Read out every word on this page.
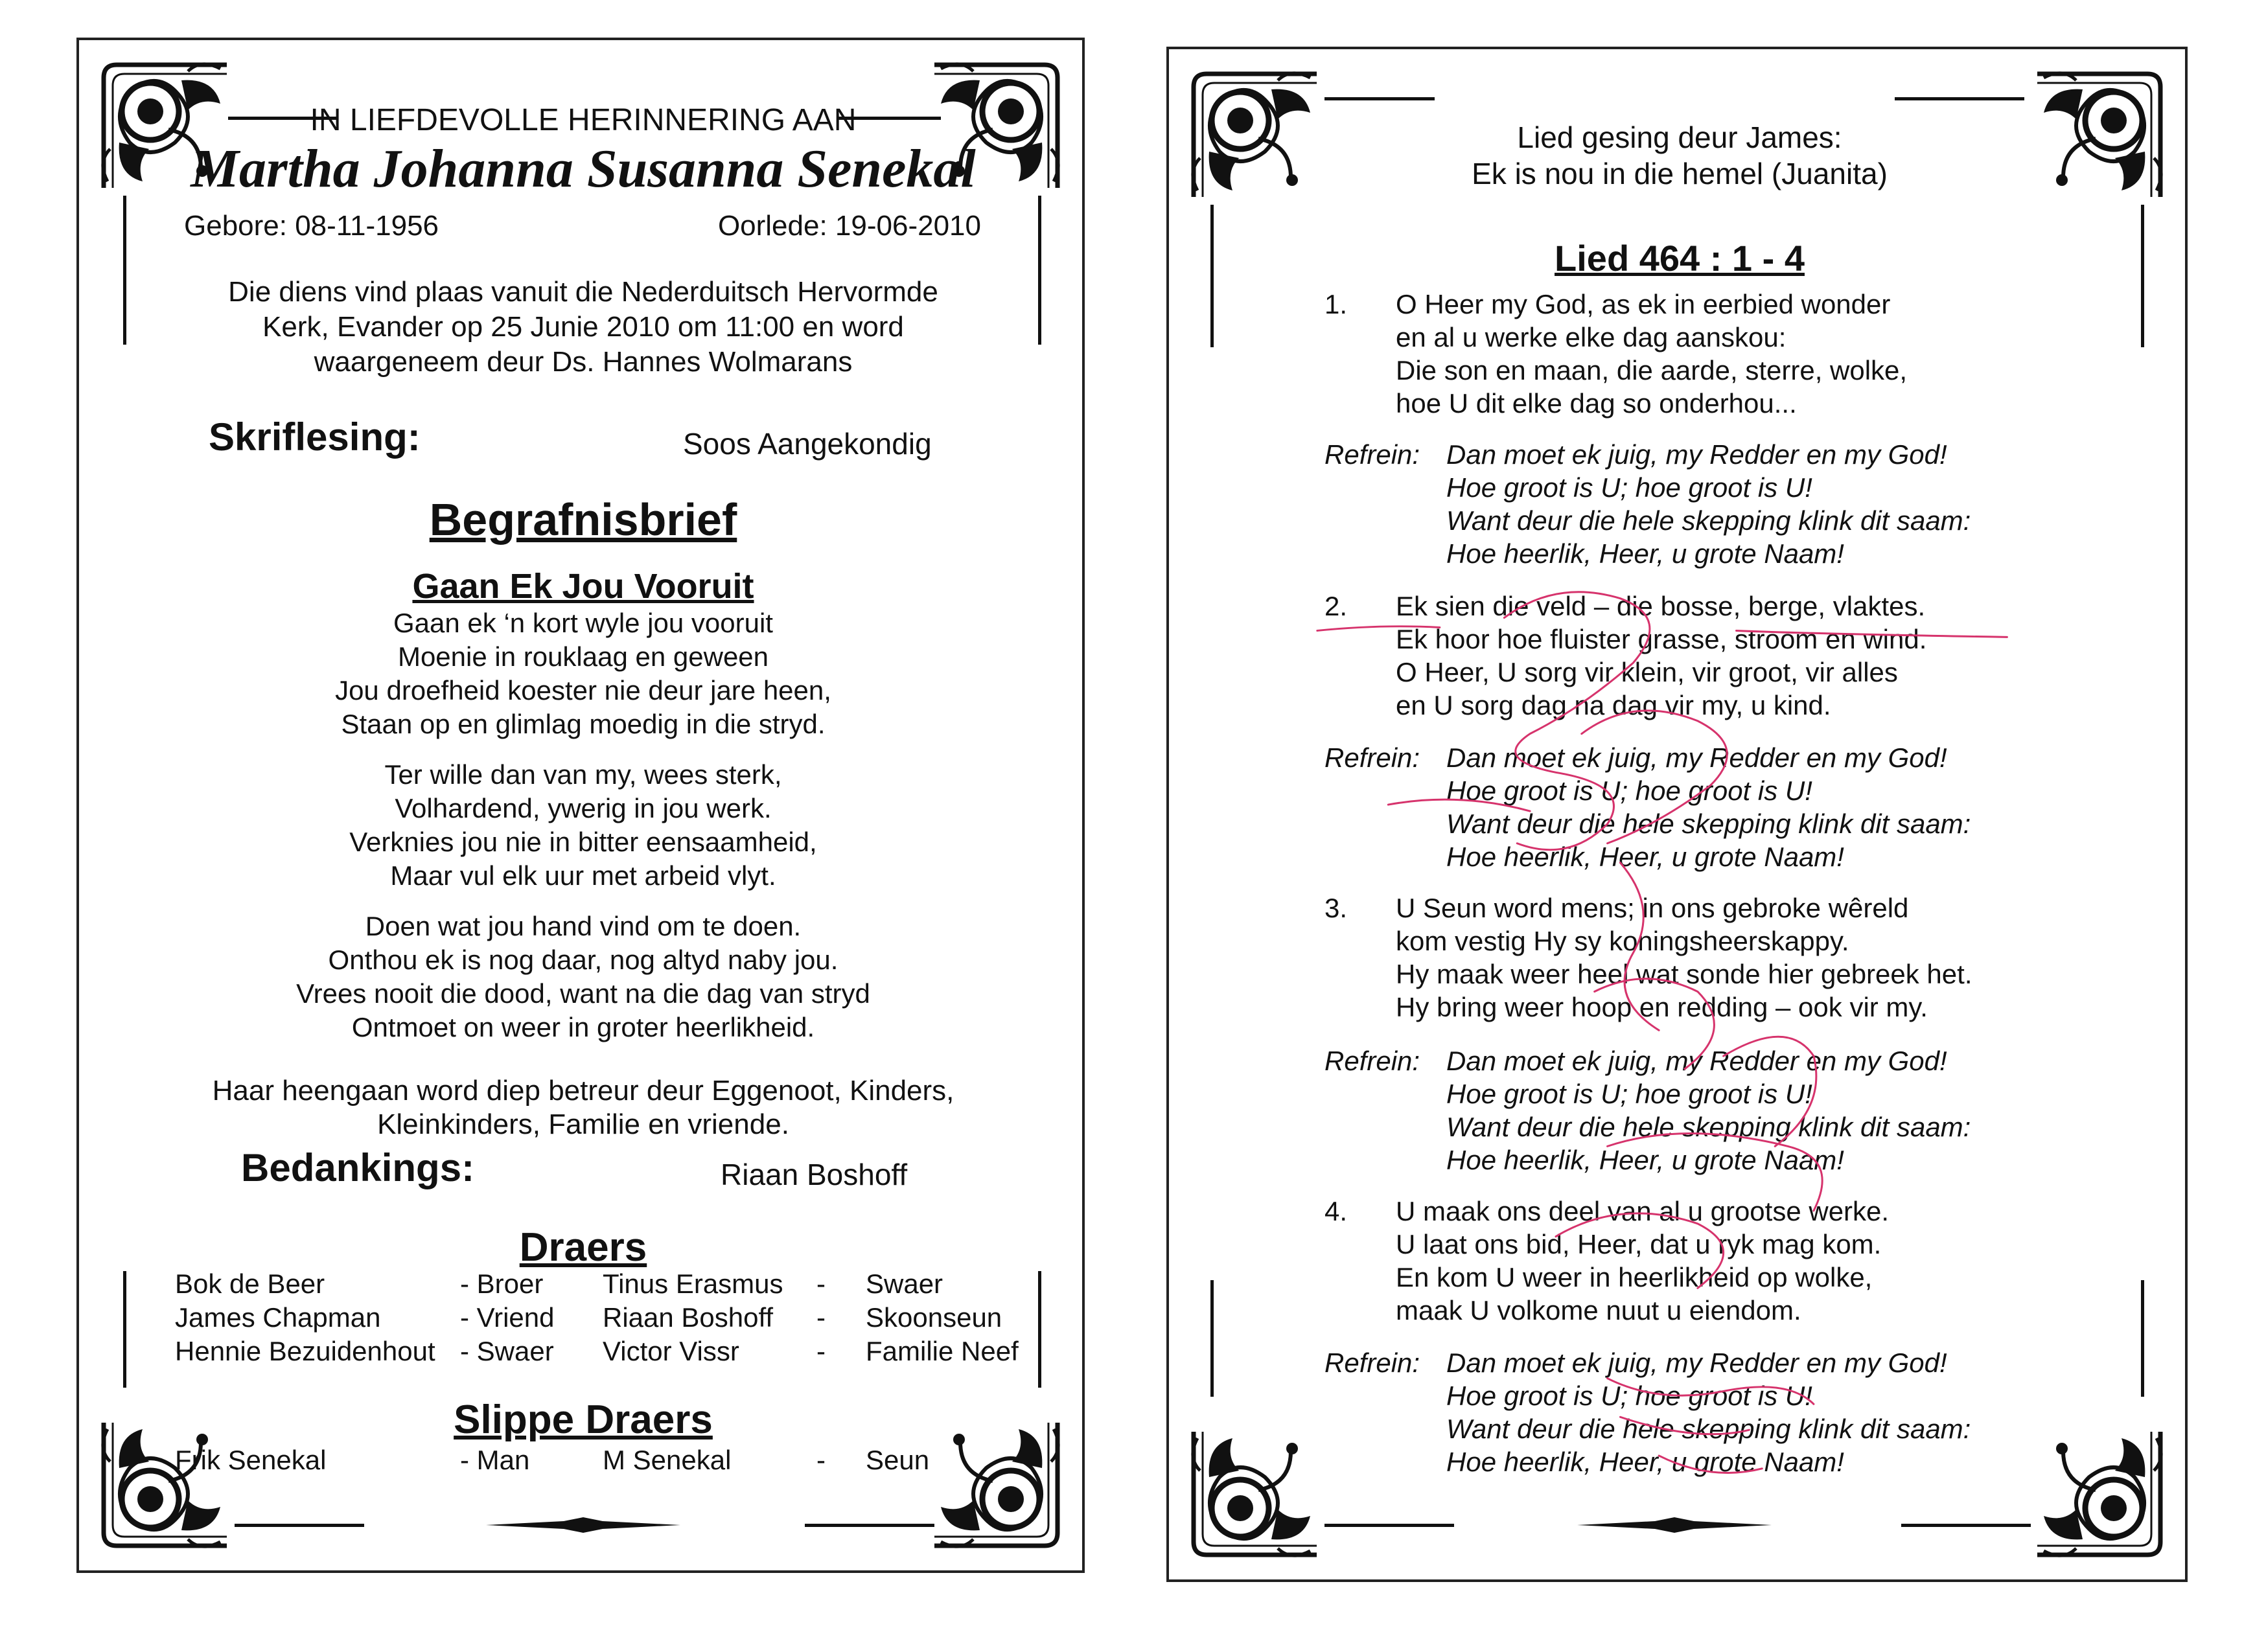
IN LIEFDEVOLLE HERINNERING AAN
Martha Johanna Susanna Senekal
Gebore: 08-11-1956	Oorlede: 19-06-2010
Die diens vind plaas vanuit die Nederduitsch Hervormde
Kerk, Evander op 25 Junie 2010 om 11:00 en word
waargeneem deur Ds. Hannes Wolmarans
Skriflesing:	Soos Aangekondig
Begrafnisbrief
Gaan Ek Jou Vooruit
Gaan ek ‘n kort wyle jou vooruit
Moenie in rouklaag en geween
Jou droefheid koester nie deur jare heen,
Staan op en glimlag moedig in die stryd.
Ter wille dan van my, wees sterk,
Volhardend, ywerig in jou werk.
Verknies jou nie in bitter eensaamheid,
Maar vul elk uur met arbeid vlyt.
Doen wat jou hand vind om te doen.
Onthou ek is nog daar, nog altyd naby jou.
Vrees nooit die dood, want na die dag van stryd
Ontmoet on weer in groter heerlikheid.
Haar heengaan word diep betreur deur Eggenoot, Kinders,
Kleinkinders, Familie en vriende.
Bedankings:	Riaan Boshoff
Draers
Bok de Beer	- Broer	Tinus Erasmus	-	Swaer
James Chapman	- Vriend	Riaan Boshoff	-	Skoonseun
Hennie Bezuidenhout	- Swaer	Victor Vissr	-	Familie Neef
Slippe Draers
Frik Senekal	- Man	M Senekal	-	Seun
Lied gesing deur James:
Ek is nou in die hemel (Juanita)
Lied 464 : 1 - 4
1. O Heer my God, as ek in eerbied wonder
en al u werke elke dag aanskou:
Die son en maan, die aarde, sterre, wolke,
hoe U dit elke dag so onderhou...
Refrein: Dan moet ek juig, my Redder en my God!
Hoe groot is U; hoe groot is U!
Want deur die hele skepping klink dit saam:
Hoe heerlik, Heer, u grote Naam!
2. Ek sien die veld – die bosse, berge, vlaktes.
Ek hoor hoe fluister grasse, stroom en wind.
O Heer, U sorg vir klein, vir groot, vir alles
en U sorg dag na dag vir my, u kind.
Refrein: Dan moet ek juig, my Redder en my God!
Hoe groot is U; hoe groot is U!
Want deur die hele skepping klink dit saam:
Hoe heerlik, Heer, u grote Naam!
3. U Seun word mens; in ons gebroke wêreld
kom vestig Hy sy koningsheerskappy.
Hy maak weer heel wat sonde hier gebreek het.
Hy bring weer hoop en redding – ook vir my.
Refrein: Dan moet ek juig, my Redder en my God!
Hoe groot is U; hoe groot is U!
Want deur die hele skepping klink dit saam:
Hoe heerlik, Heer, u grote Naam!
4. U maak ons deel van al u grootse werke.
U laat ons bid, Heer, dat u ryk mag kom.
En kom U weer in heerlikheid op wolke,
maak U volkome nuut u eiendom.
Refrein: Dan moet ek juig, my Redder en my God!
Hoe groot is U; hoe groot is U!
Want deur die hele skepping klink dit saam:
Hoe heerlik, Heer, u grote Naam!
